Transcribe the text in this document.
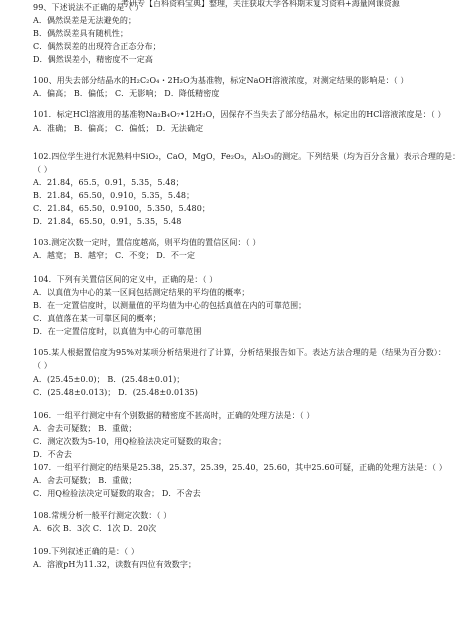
考研专【百科资料宝典】整理，关注获取大学各科期末复习资料+海量网课资源
99、下述说法不正确的是（ ）
A．偶然误差是无法避免的；
B．偶然误差具有随机性；
C．偶然误差的出现符合正态分布；
D．偶然误差小，精密度不一定高
100、用失去部分结晶水的H₂C₂O₄・2H₂O为基准物，标定NaOH溶液浓度，对测定结果的影响是：（ ）
A．偏高； B．偏低； C．无影响； D．降低精密度
101．标定HCl溶液用的基准物Na₂B₄O₇•12H₂O，因保存不当失去了部分结晶水，标定出的HCl溶液浓度是：（ ）
A．准确； B．偏高； C．偏低； D．无法确定
102.四位学生进行水泥熟料中SiO₂，CaO，MgO，Fe₂O₃，Al₂O₃的测定。下列结果（均为百分含量）表示合理的是：
（ ）
A．21.84，65.5，0.91，5.35，5.48；
B．21.84，65.50，0.910，5.35，5.48；
C．21.84，65.50，0.9100，5.350，5.480；
D．21.84，65.50，0.91，5.35，5.48
103.测定次数一定时，置信度越高，则平均值的置信区间：（ ）
A．越宽； B．越窄； C．不变； D．不一定
104．下列有关置信区间的定义中，正确的是：（ ）
A．以真值为中心的某一区间包括测定结果的平均值的概率；
B．在一定置信度时，以测量值的平均值为中心的包括真值在内的可靠范围；
C．真值落在某一可靠区间的概率；
D．在一定置信度时，以真值为中心的可靠范围
105.某人根据置信度为95%对某项分析结果进行了计算，分析结果报告如下。表达方法合理的是（结果为百分数）：
（ ）
A．(25.45±0.0)； B．(25.48±0.01)；
C．(25.48±0.013)； D．(25.48±0.0135)
106．一组平行测定中有个别数据的精密度不甚高时，正确的处理方法是：（ ）
A．舍去可疑数； B．重做；
C．测定次数为5-10，用Q检验法决定可疑数的取舍；
D．不舍去
107．一组平行测定的结果是25.38，25.37，25.39，25.40，25.60，其中25.60可疑，正确的处理方法是：（ ）
A．舍去可疑数； B．重做；
C．用Q检验法决定可疑数的取舍； D．不舍去
108.常规分析一般平行测定次数：（ ）
A．6次 B．3次 C．1次 D．20次
109.下列叙述正确的是：（ ）
A．溶液pH为11.32，读数有四位有效数字；
